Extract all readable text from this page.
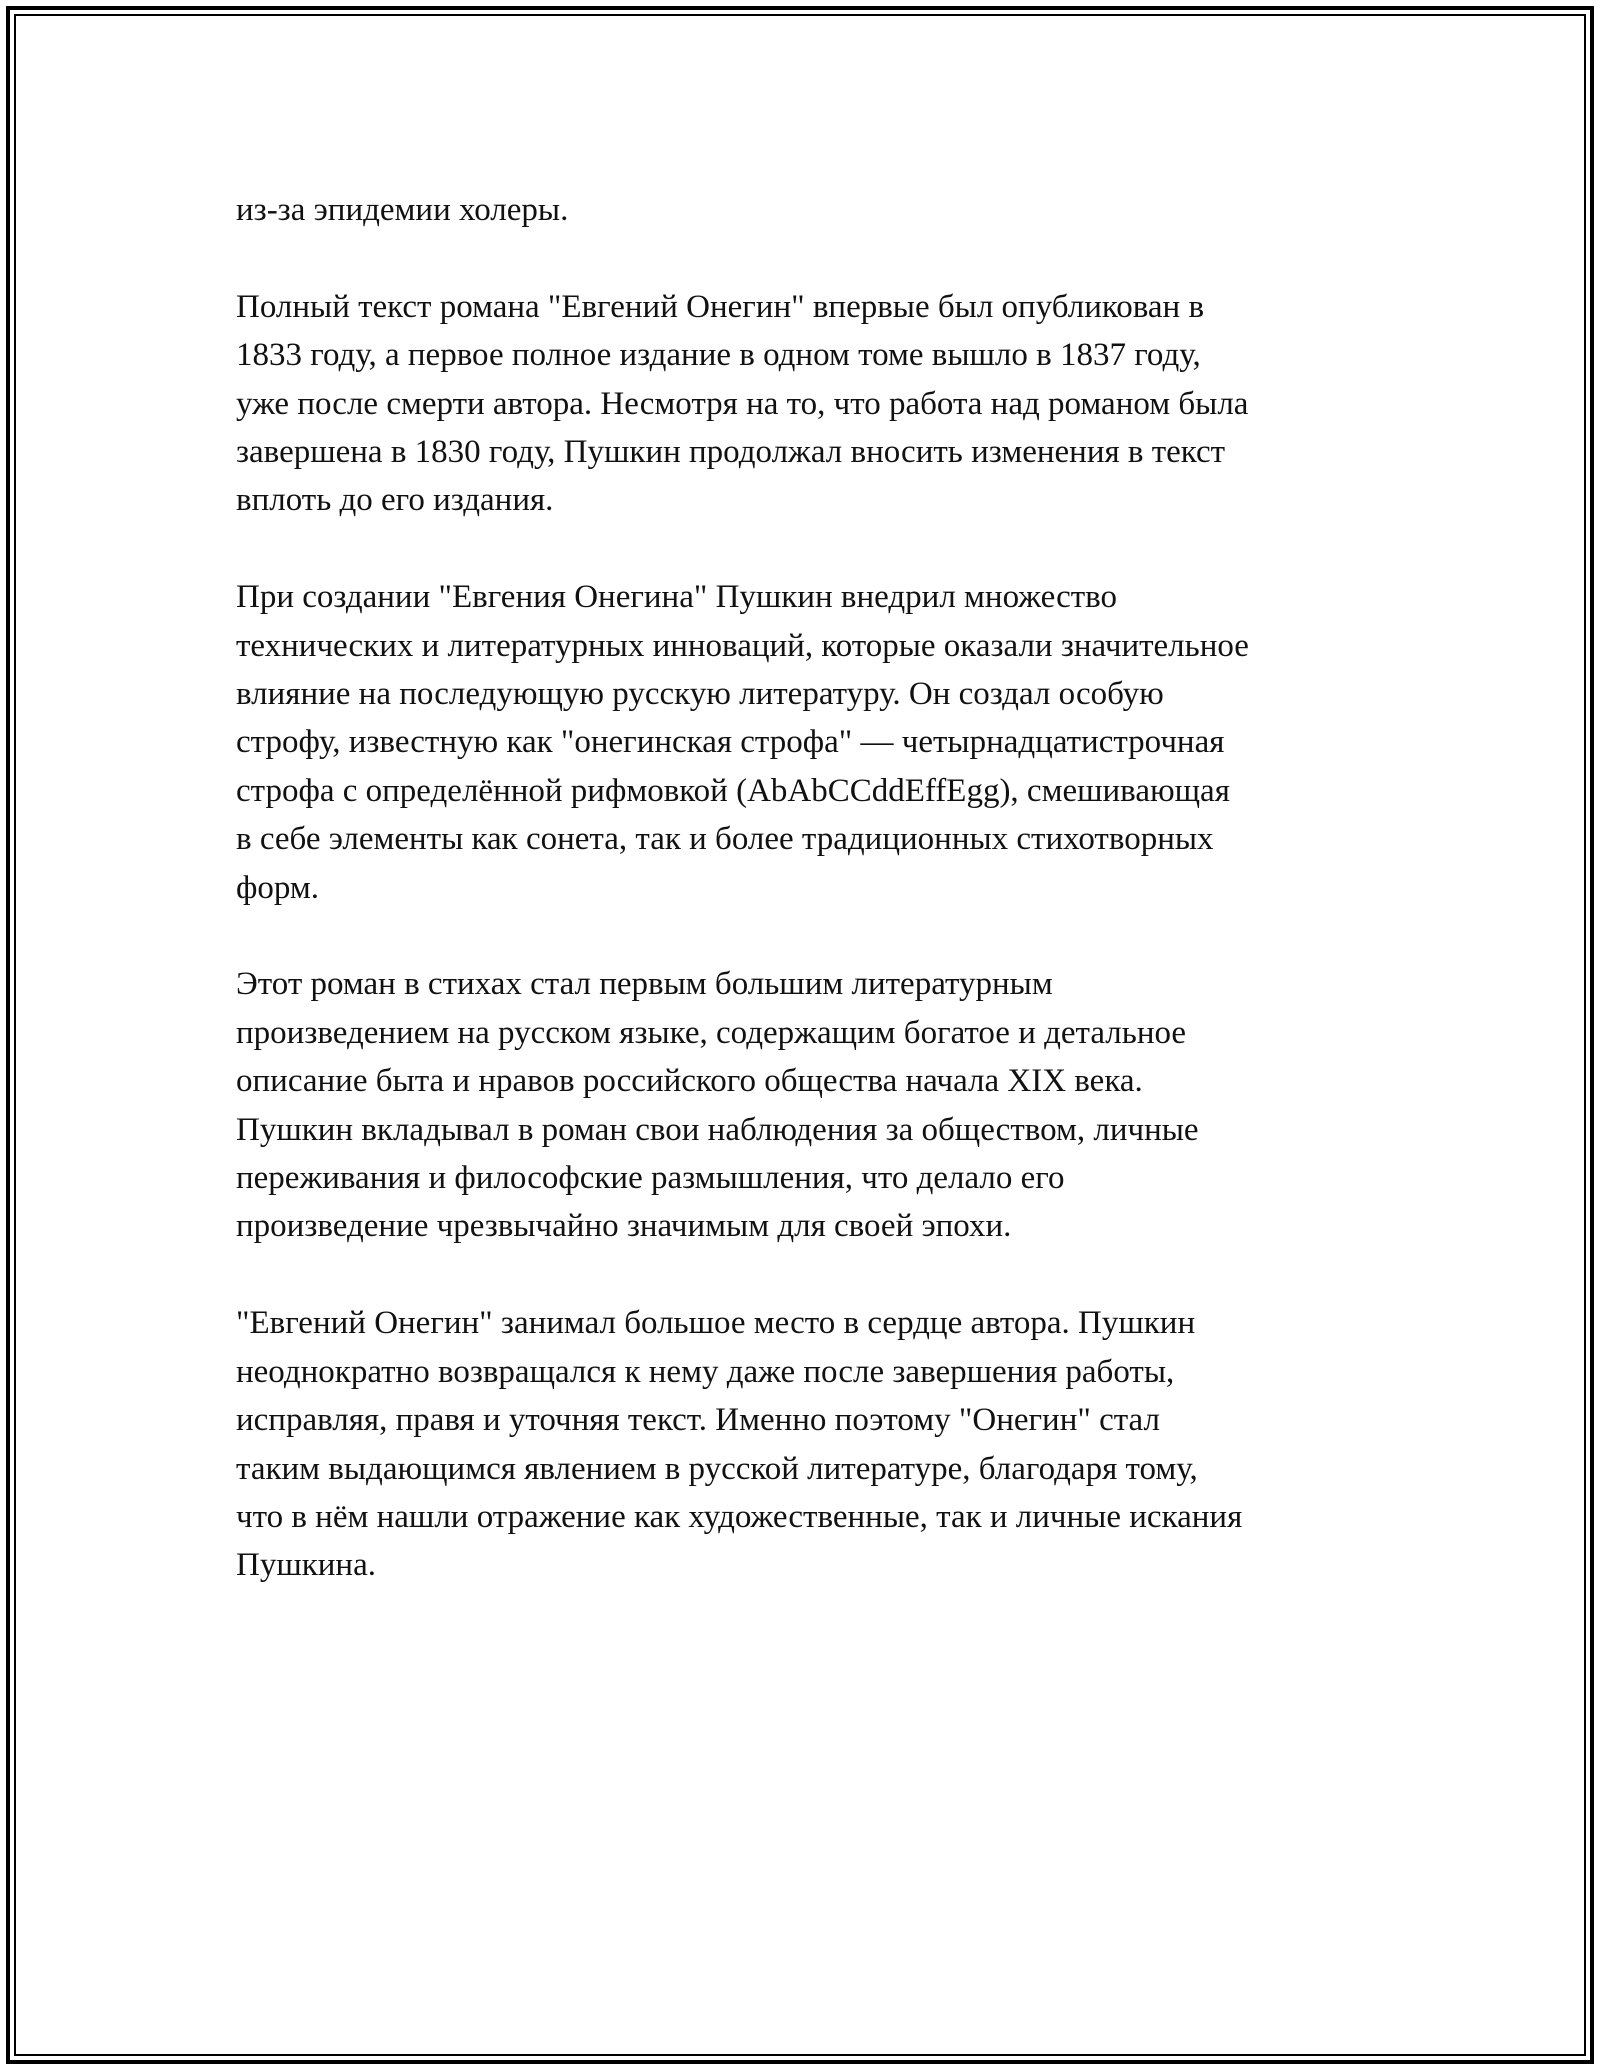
из-за эпидемии холеры.

Полный текст романа "Евгений Онегин" впервые был опубликован в
1833 году, а первое полное издание в одном томе вышло в 1837 году,
уже после смерти автора. Несмотря на то, что работа над романом была
завершена в 1830 году, Пушкин продолжал вносить изменения в текст
вплоть до его издания.

При создании "Евгения Онегина" Пушкин внедрил множество
технических и литературных инноваций, которые оказали значительное
влияние на последующую русскую литературу. Он создал особую
строфу, известную как "онегинская строфа" — четырнадцатистрочная
строфа с определённой рифмовкой (AbAbCCddEffEgg), смешивающая
в себе элементы как сонета, так и более традиционных стихотворных
форм.

Этот роман в стихах стал первым большим литературным
произведением на русском языке, содержащим богатое и детальное
описание быта и нравов российского общества начала XIX века.
Пушкин вкладывал в роман свои наблюдения за обществом, личные
переживания и философские размышления, что делало его
произведение чрезвычайно значимым для своей эпохи.

"Евгений Онегин" занимал большое место в сердце автора. Пушкин
неоднократно возвращался к нему даже после завершения работы,
исправляя, правя и уточняя текст. Именно поэтому "Онегин" стал
таким выдающимся явлением в русской литературе, благодаря тому,
что в нём нашли отражение как художественные, так и личные искания
Пушкина.
